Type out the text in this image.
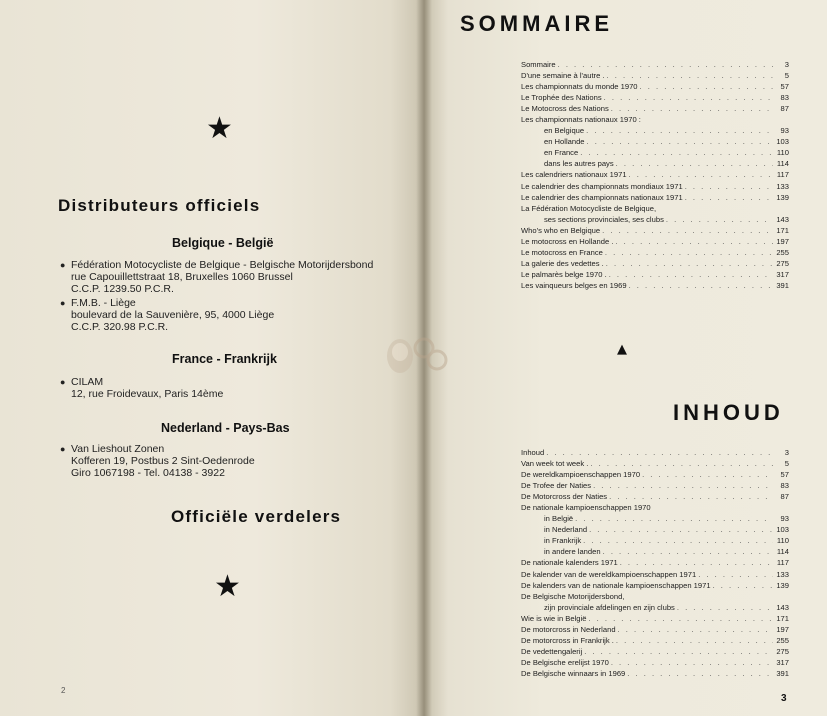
★
Distributeurs officiels
Belgique - België
● Fédération Motocycliste de Belgique - Belgische Motorijdersbond
rue Capouillettstraat 18, Bruxelles 1060 Brussel
C.C.P. 1239.50 P.C.R.
● F.M.B. - Liège
boulevard de la Sauvenière, 95, 4000 Liège
C.C.P. 320.98 P.C.R.
France - Frankrijk
● CILAM
12, rue Froidevaux, Paris 14ème
Nederland - Pays-Bas
● Van Lieshout Zonen
Kofferen 19, Postbus 2 Sint-Oedenrode
Giro 1067198 - Tel. 04138 - 3922
Officiële verdelers
★
2
SOMMAIRE
Sommaire . . .	3
D'une semaine à l'autre . . . .	5
Les championnats du monde 1970 . . .	57
Le Trophée des Nations . . .	83
Le Motocross des Nations . . .	87
Les championnats nationaux 1970 :
en Belgique . . .	93
en Hollande . . .	103
en France . . .	110
dans les autres pays . . .	114
Les calendriers nationaux 1971 . . .	117
Le calendrier des championnats mondiaux 1971 . . .	133
Le calendrier des championnats nationaux 1971 . . .	139
La Fédération Motocycliste de Belgique,
ses sections provinciales, ses clubs . . .	143
Who's who en Belgique . . .	171
Le motocross en Hollande . . . .	197
Le motocross en France . . .	255
La galerie des vedettes . . . .	275
Le palmarès belge 1970 . . . .	317
Les vainqueurs belges en 1969 . . .	391
▲
INHOUD
Inhoud . . .	3
Van week tot week . . . .	5
De wereldkampioenschappen 1970 . . .	57
De Trofee der Naties . . .	83
De Motorcross der Naties . . .	87
De nationale kampioenschappen 1970
in België . . .	93
in Nederland . . .	103
in Frankrijk . . .	110
in andere landen . . .	114
De nationale kalenders 1971 . . .	117
De kalender van de wereldkampioenschappen 1971 . . .	133
De kalenders van de nationale kampioenschappen 1971 . . .	139
De Belgische Motorijdersbond,
zijn provinciale afdelingen en zijn clubs . . .	143
Wie is wie in België . . .	171
De motorcross in Nederland . . .	197
De motorcross in Frankrijk . . . .	255
De vedettengalerij . . .	275
De Belgische erelijst 1970 . . .	317
De Belgische winnaars in 1969 . . .	391
3
